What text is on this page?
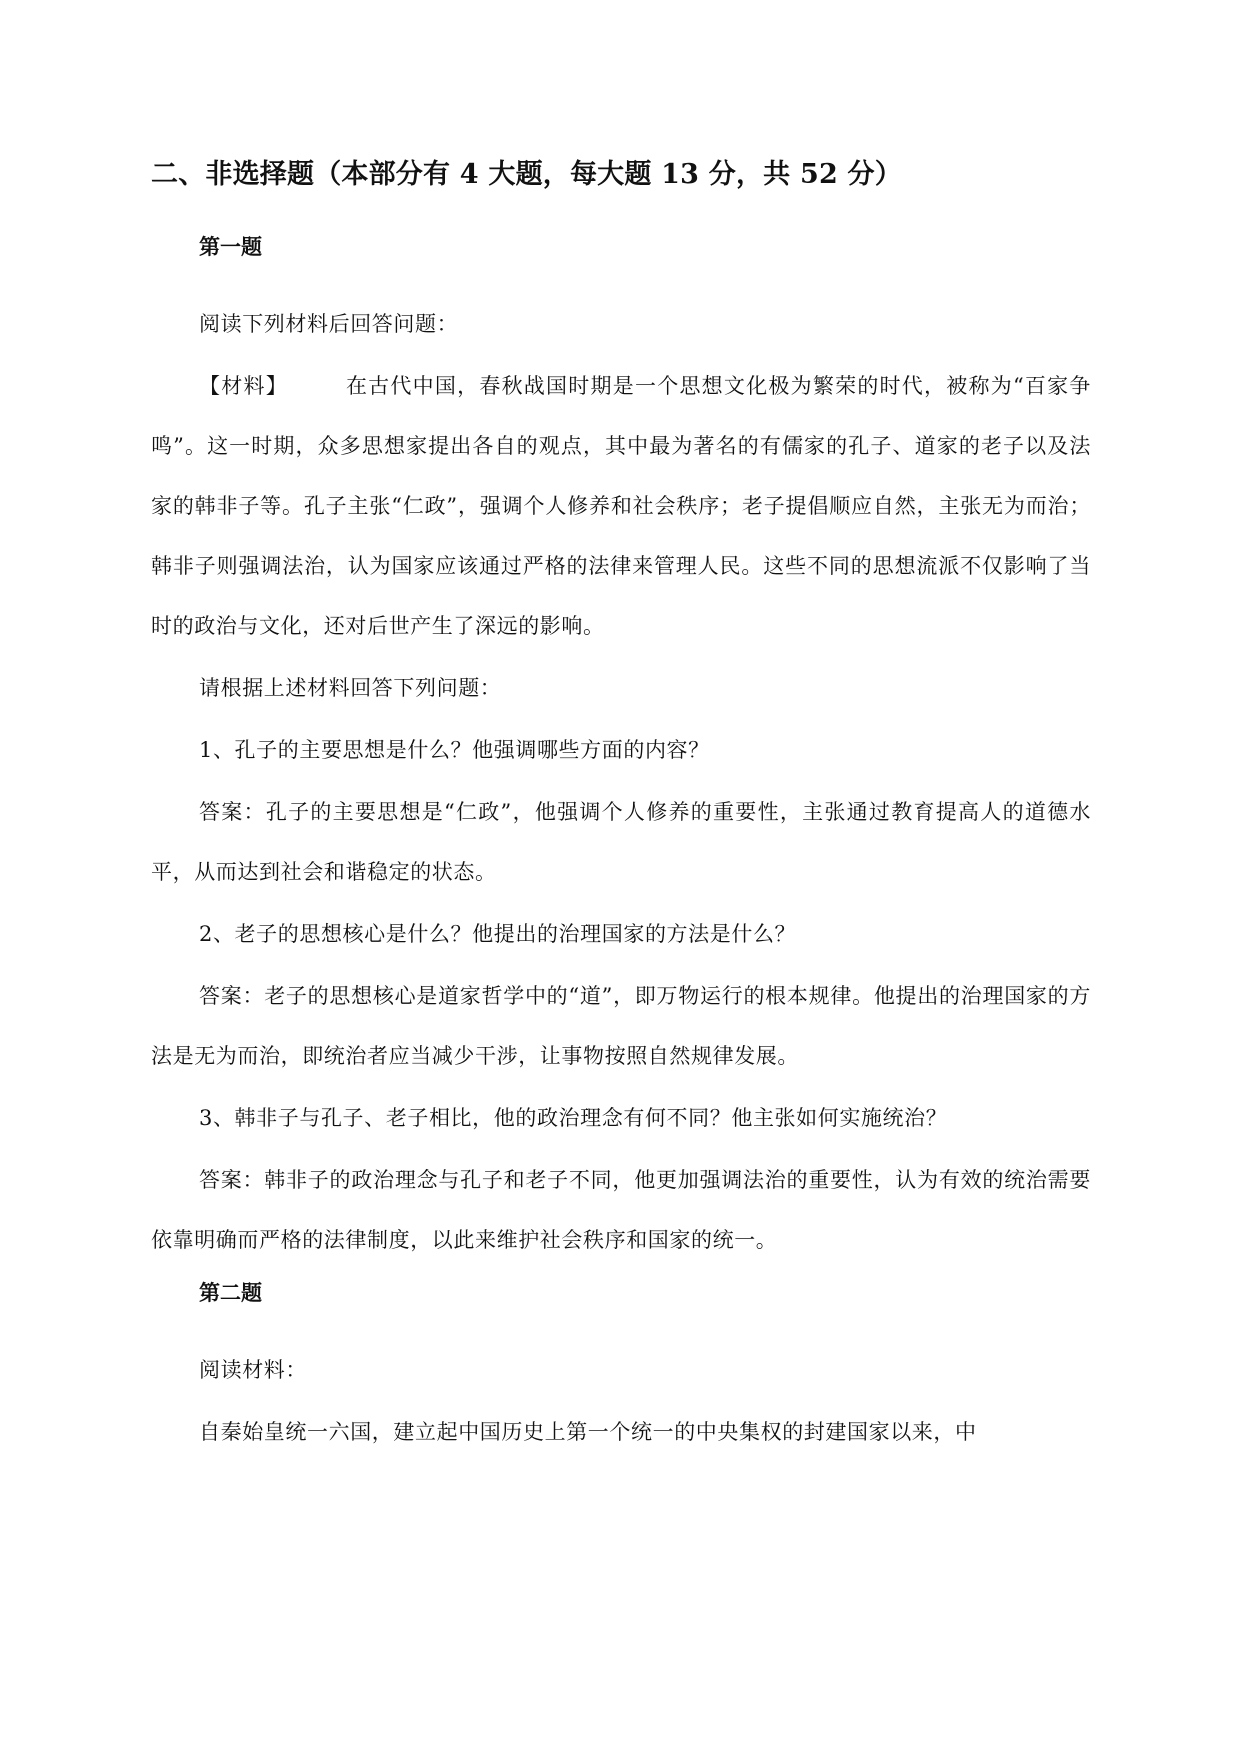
二、非选择题（本部分有 4 大题，每大题 13 分，共 52 分）
第一题

阅读下列材料后回答问题：

【材料】	在古代中国，春秋战国时期是一个思想文化极为繁荣的时代，被称为“百家争鸣”。这一时期，众多思想家提出各自的观点，其中最为著名的有儒家的孔子、道家的老子以及法家的韩非子等。孔子主张“仁政”，强调个人修养和社会秩序；老子提倡顺应自然，主张无为而治；韩非子则强调法治，认为国家应该通过严格的法律来管理人民。这些不同的思想流派不仅影响了当时的政治与文化，还对后世产生了深远的影响。

请根据上述材料回答下列问题：

1、孔子的主要思想是什么？他强调哪些方面的内容？

答案：孔子的主要思想是“仁政”，他强调个人修养的重要性，主张通过教育提高人的道德水平，从而达到社会和谐稳定的状态。

2、老子的思想核心是什么？他提出的治理国家的方法是什么？

答案：老子的思想核心是道家哲学中的“道”，即万物运行的根本规律。他提出的治理国家的方法是无为而治，即统治者应当减少干涉，让事物按照自然规律发展。

3、韩非子与孔子、老子相比，他的政治理念有何不同？他主张如何实施统治？

答案：韩非子的政治理念与孔子和老子不同，他更加强调法治的重要性，认为有效的统治需要依靠明确而严格的法律制度，以此来维护社会秩序和国家的统一。

第二题

阅读材料：

自秦始皇统一六国，建立起中国历史上第一个统一的中央集权的封建国家以来，中
